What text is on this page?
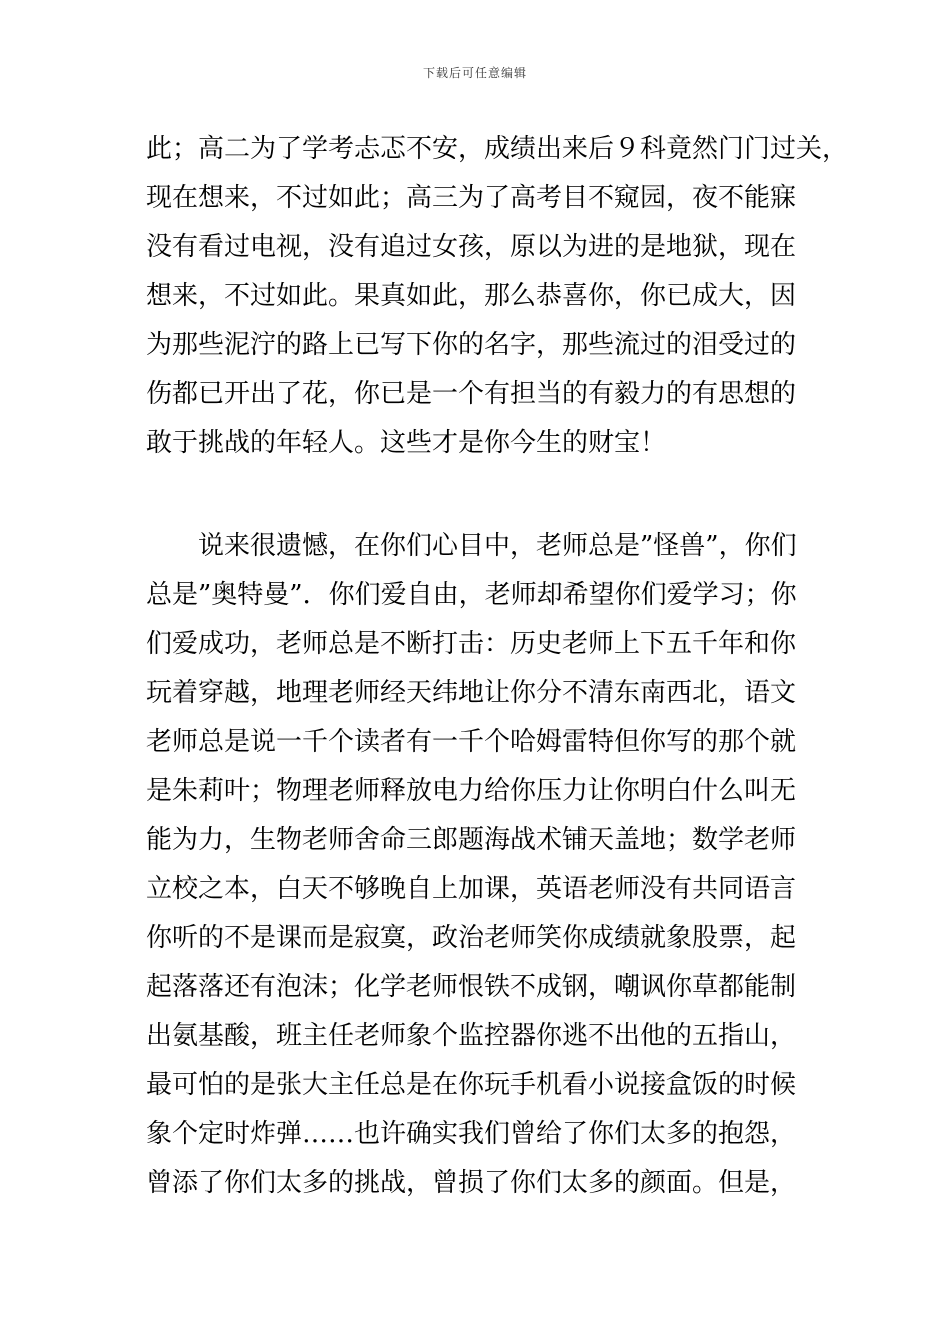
下载后可任意编辑
此；高二为了学考忐忑不安，成绩出来后９科竟然门门过关，
现在想来，不过如此；高三为了高考目不窥园，夜不能寐
没有看过电视，没有追过女孩，原以为进的是地狱，现在
想来，不过如此。果真如此，那么恭喜你，你已成大，因
为那些泥泞的路上已写下你的名字，那些流过的泪受过的
伤都已开出了花，你已是一个有担当的有毅力的有思想的
敢于挑战的年轻人。这些才是你今生的财宝！
说来很遗憾，在你们心目中，老师总是”怪兽”，你们
总是”奥特曼”．你们爱自由，老师却希望你们爱学习；你
们爱成功，老师总是不断打击：历史老师上下五千年和你
玩着穿越，地理老师经天纬地让你分不清东南西北，语文
老师总是说一千个读者有一千个哈姆雷特但你写的那个就
是朱莉叶；物理老师释放电力给你压力让你明白什么叫无
能为力，生物老师舍命三郎题海战术铺天盖地；数学老师
立校之本，白天不够晚自上加课，英语老师没有共同语言
你听的不是课而是寂寞，政治老师笑你成绩就象股票，起
起落落还有泡沫；化学老师恨铁不成钢，嘲讽你草都能制
出氨基酸，班主任老师象个监控器你逃不出他的五指山，
最可怕的是张大主任总是在你玩手机看小说接盒饭的时候
象个定时炸弹……也许确实我们曾给了你们太多的抱怨，
曾添了你们太多的挑战，曾损了你们太多的颜面。但是，
